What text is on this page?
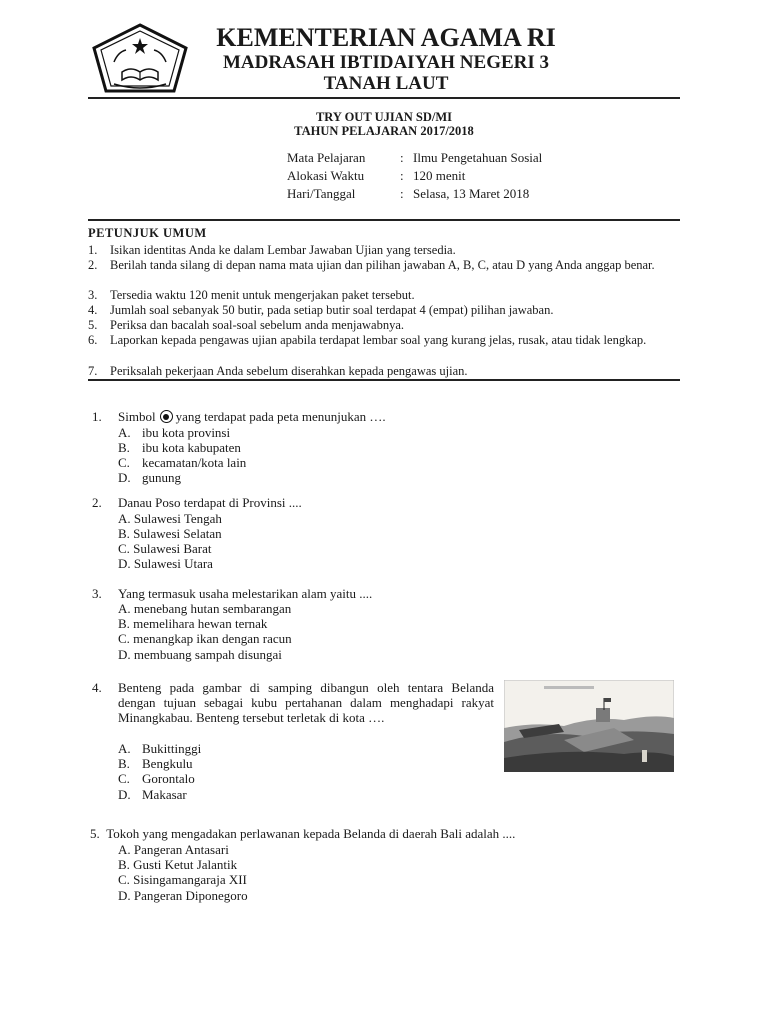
KEMENTERIAN AGAMA RI
MADRASAH IBTIDAIYAH NEGERI 3
TANAH LAUT
TRY OUT UJIAN SD/MI
TAHUN PELAJARAN 2017/2018
Mata Pelajaran	: Ilmu Pengetahuan Sosial
Alokasi Waktu	: 120 menit
Hari/Tanggal	: Selasa, 13 Maret 2018
PETUNJUK UMUM
1. Isikan identitas Anda ke dalam Lembar Jawaban Ujian yang tersedia.
2. Berilah tanda silang di depan nama mata ujian dan pilihan jawaban A, B, C, atau D yang Anda anggap benar.
3. Tersedia waktu 120 menit untuk mengerjakan paket tersebut.
4. Jumlah soal sebanyak 50 butir, pada setiap butir soal terdapat 4 (empat) pilihan jawaban.
5. Periksa dan bacalah soal-soal sebelum anda menjawabnya.
6. Laporkan kepada pengawas ujian apabila terdapat lembar soal yang kurang jelas, rusak, atau tidak lengkap.
7. Periksalah pekerjaan Anda sebelum diserahkan kepada pengawas ujian.
1. Simbol yang terdapat pada peta menunjukan ….
A. ibu kota provinsi
B. ibu kota kabupaten
C. kecamatan/kota lain
D. gunung
2. Danau Poso terdapat di Provinsi ....
A. Sulawesi Tengah
B. Sulawesi Selatan
C. Sulawesi Barat
D. Sulawesi Utara
3. Yang termasuk usaha melestarikan alam yaitu ....
A. menebang hutan sembarangan
B. memelihara hewan ternak
C. menangkap ikan dengan racun
D. membuang sampah disungai
4. Benteng pada gambar di samping dibangun oleh tentara Belanda dengan tujuan sebagai kubu pertahanan dalam menghadapi rakyat Minangkabau. Benteng tersebut terletak di kota ….
A. Bukittinggi
B. Bengkulu
C. Gorontalo
D. Makasar
5. Tokoh yang mengadakan perlawanan kepada Belanda di daerah Bali adalah ....
A. Pangeran Antasari
B. Gusti Ketut Jalantik
C. Sisingamangaraja XII
D. Pangeran Diponegoro
